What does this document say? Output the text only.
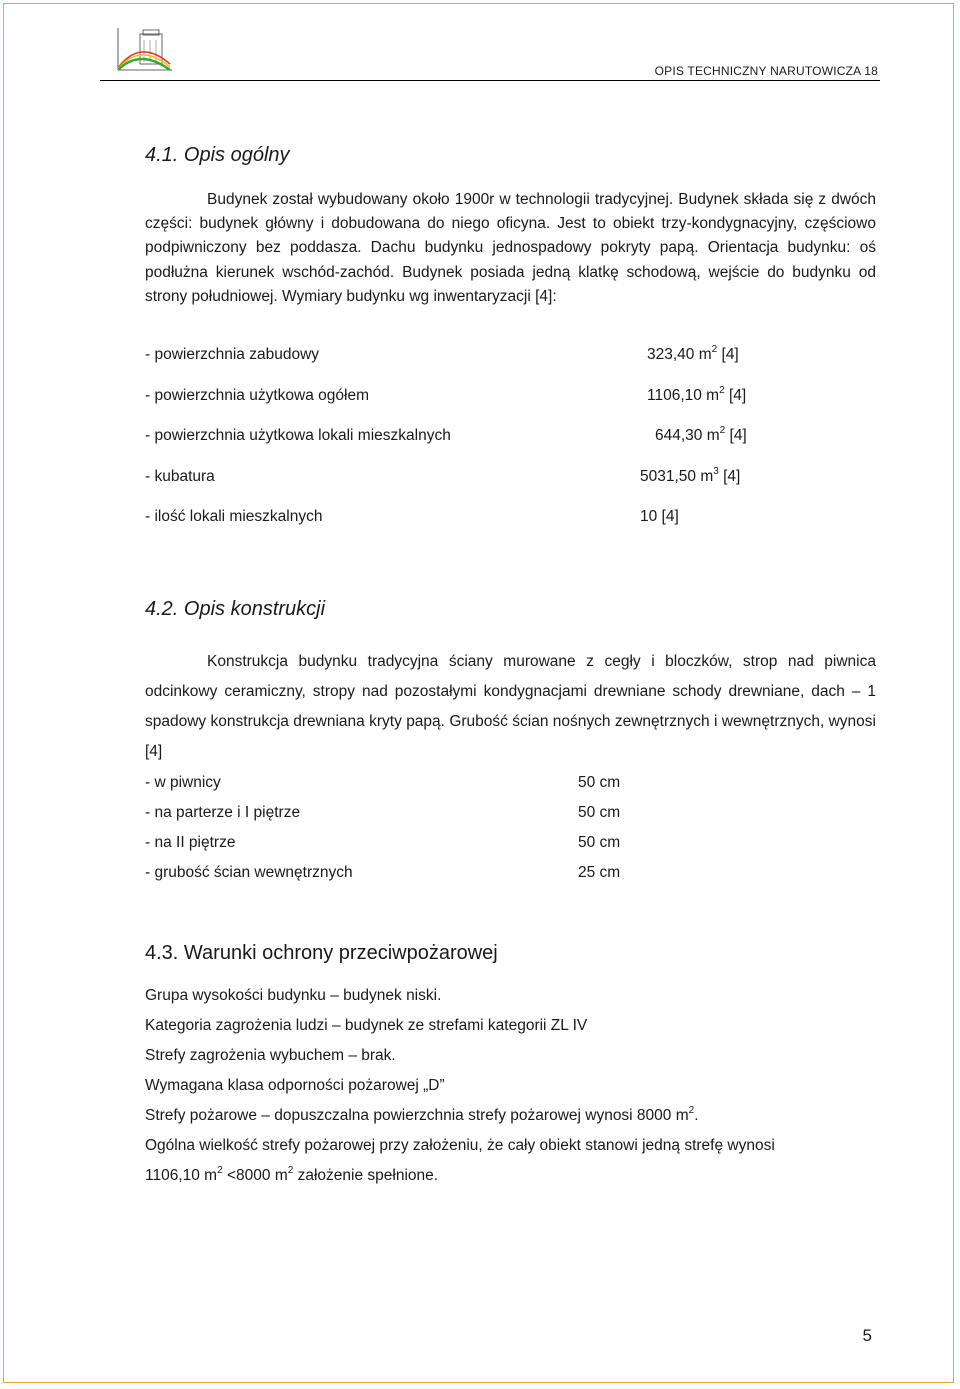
OPIS TECHNICZNY NARUTOWICZA 18
4.1. Opis ogólny
Budynek został wybudowany około 1900r w technologii tradycyjnej. Budynek składa się z dwóch części: budynek główny i dobudowana do niego oficyna. Jest to obiekt trzy-kondygnacyjny, częściowo podpiwniczony bez poddasza. Dachu budynku jednospadowy pokryty papą. Orientacja budynku: oś podłużna kierunek wschód-zachód. Budynek posiada jedną klatkę schodową, wejście do budynku od strony południowej. Wymiary budynku wg inwentaryzacji [4]:
- powierzchnia zabudowy	323,40 $m^2$ [4]
- powierzchnia użytkowa ogółem	1106,10 $m^2$ [4]
- powierzchnia użytkowa lokali mieszkalnych	644,30 $m^2$ [4]
- kubatura	5031,50 $m^3$ [4]
- ilość lokali mieszkalnych	10 [4]
4.2. Opis konstrukcji
Konstrukcja budynku tradycyjna ściany murowane z cegły i bloczków, strop nad piwnica odcinkowy ceramiczny, stropy nad pozostałymi kondygnacjami drewniane schody drewniane, dach – 1 spadowy konstrukcja drewniana kryty papą. Grubość ścian nośnych zewnętrznych i wewnętrznych, wynosi [4]
- w piwnicy	50 cm
- na parterze i I piętrze	50 cm
- na II piętrze	50 cm
- grubość ścian wewnętrznych	25 cm
4.3. Warunki ochrony przeciwpożarowej
Grupa wysokości budynku – budynek niski.
Kategoria zagrożenia ludzi – budynek ze strefami kategorii ZL IV
Strefy zagrożenia wybuchem – brak.
Wymagana klasa odporności pożarowej „D”
Strefy pożarowe – dopuszczalna powierzchnia strefy pożarowej wynosi 8000 $m^2$.
Ogólna wielkość strefy pożarowej przy założeniu, że cały obiekt stanowi jedną strefę wynosi
1106,10 $m^2 <8000$ $m^2$ założenie spełnione.
5
